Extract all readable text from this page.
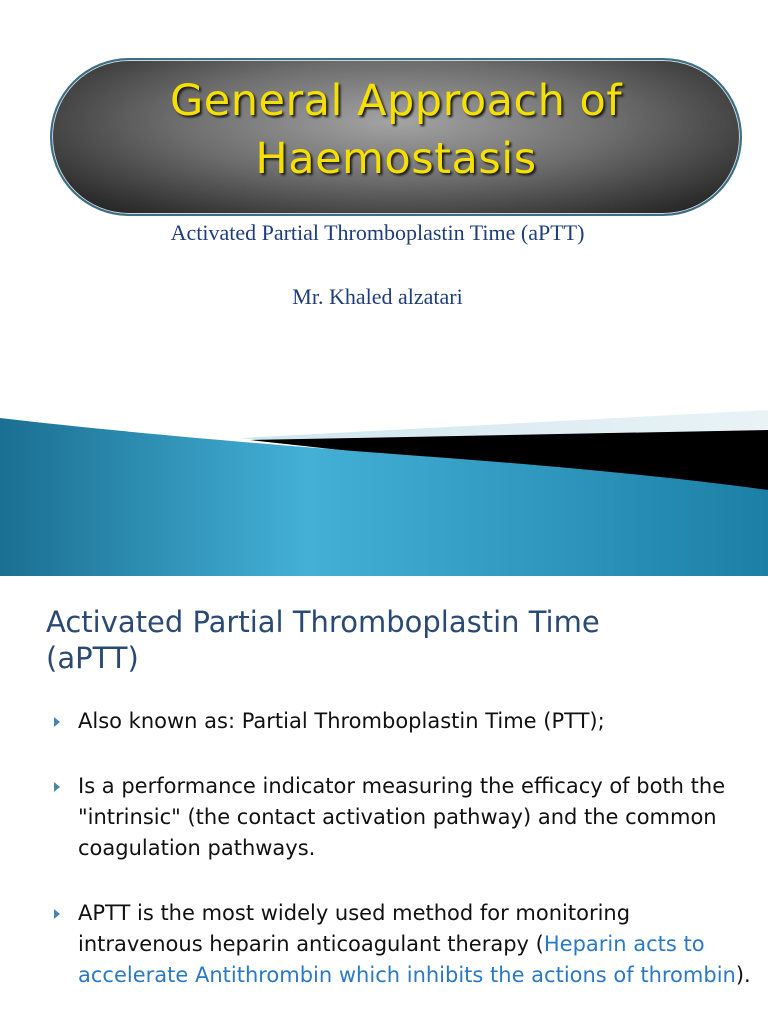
General Approach of
Haemostasis
Activated Partial Thromboplastin Time (aPTT)
Mr. Khaled alzatari
Activated Partial Thromboplastin Time
(aPTT)
Also known as: Partial Thromboplastin Time (PTT);
Is a performance indicator measuring the efficacy of both the "intrinsic" (the contact activation pathway) and the common coagulation pathways.
APTT is the most widely used method for monitoring intravenous heparin anticoagulant therapy (Heparin acts to accelerate Antithrombin which inhibits the actions of thrombin).
